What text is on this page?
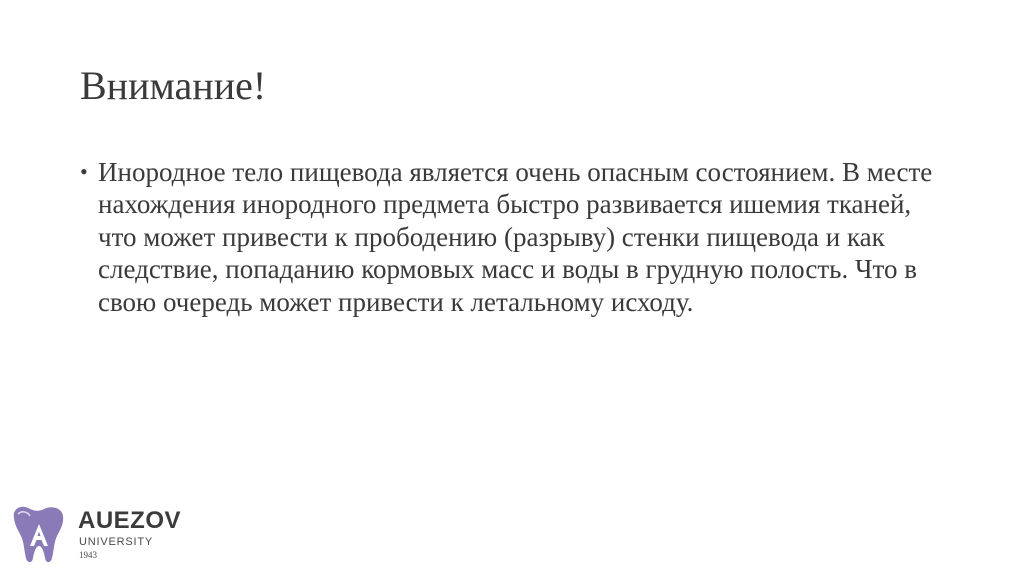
Внимание!
• Инородное тело пищевода является очень опасным состоянием. В месте нахождения инородного предмета быстро развивается ишемия тканей, что может привести к прободению (разрыву) стенки пищевода и как следствие, попаданию кормовых масс и воды в грудную полость. Что в свою очередь может привести к летальному исходу.
AUEZOV
UNIVERSITY
1943
